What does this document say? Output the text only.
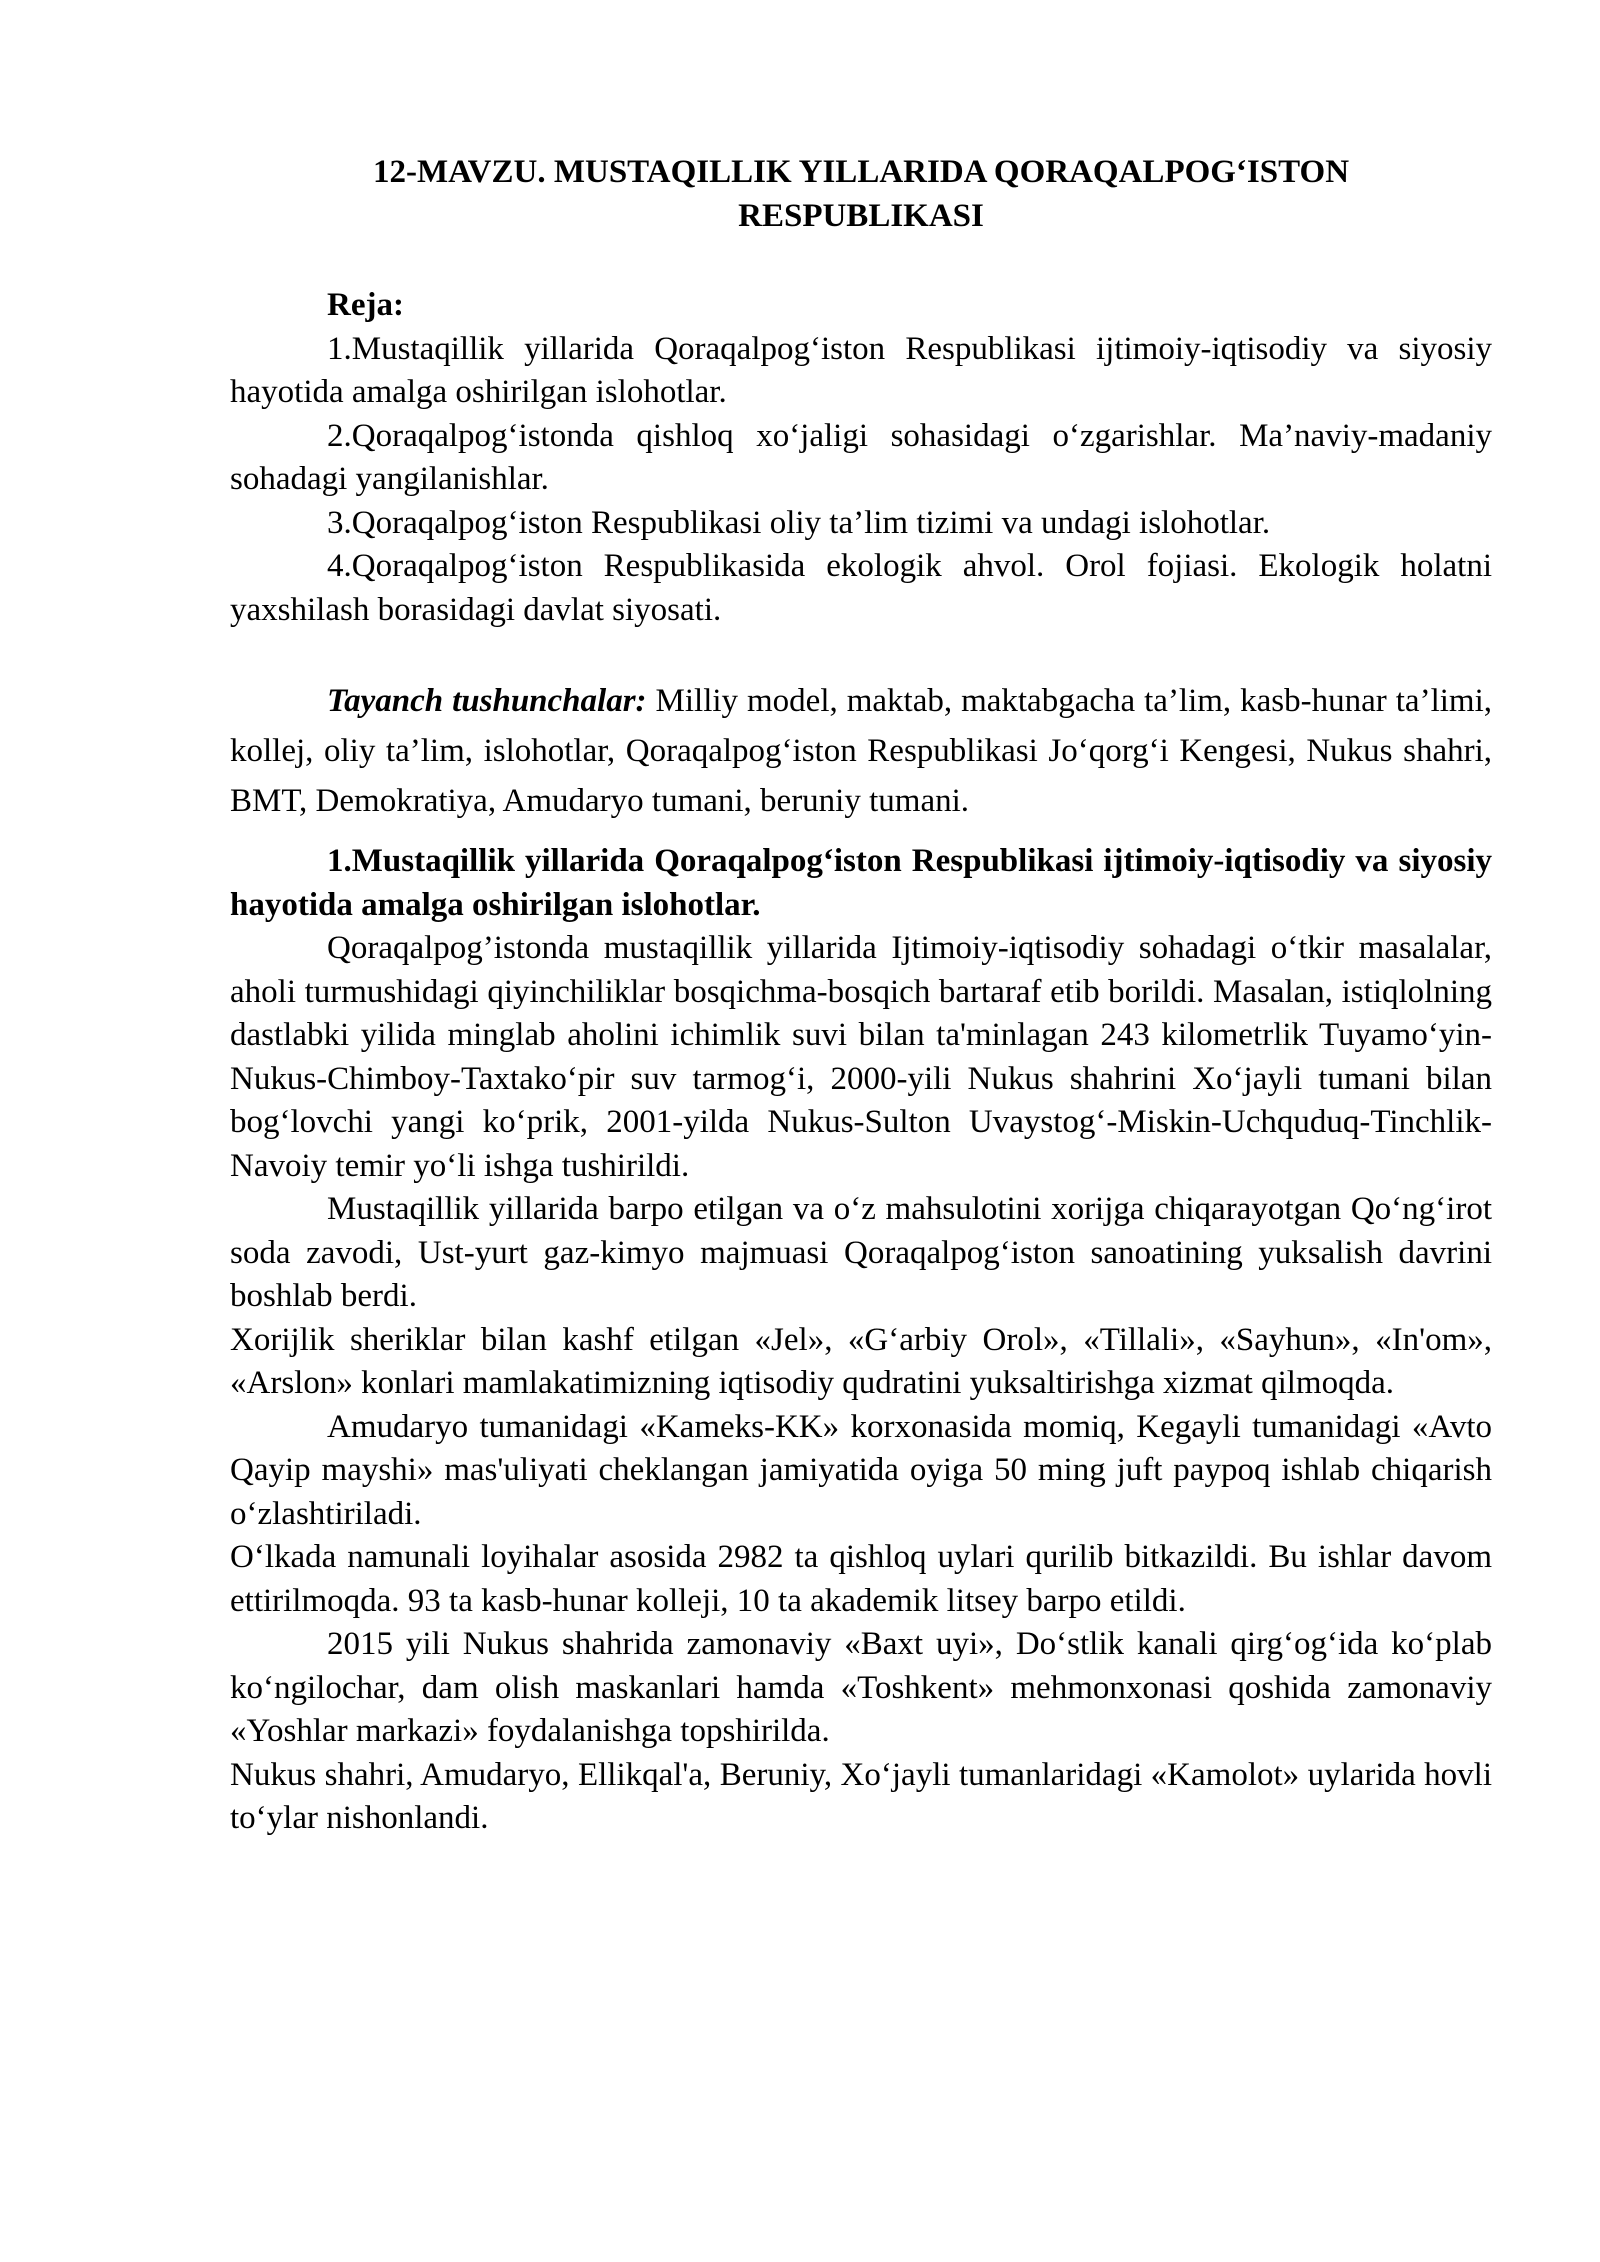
12-MAVZU. MUSTAQILLIK YILLARIDA QORAQALPOG‘ISTON
RESPUBLIKASI

Reja:

1.Mustaqillik yillarida Qoraqalpog‘iston Respublikasi ijtimoiy-iqtisodiy va siyosiy hayotida amalga oshirilgan islohotlar.

2.Qoraqalpog‘istonda qishloq xo‘jaligi sohasidagi o‘zgarishlar. Ma’naviy-madaniy sohadagi yangilanishlar.

3.Qoraqalpog‘iston Respublikasi oliy ta’lim tizimi va undagi islohotlar.

4.Qoraqalpog‘iston Respublikasida ekologik ahvol. Orol fojiasi. Ekologik holatni yaxshilash borasidagi davlat siyosati.

Tayanch tushunchalar: Milliy model, maktab, maktabgacha ta’lim, kasb-hunar ta’limi, kollej, oliy ta’lim, islohotlar, Qoraqalpog‘iston Respublikasi Jo‘qorg‘i Kengesi, Nukus shahri, BMT, Demokratiya, Amudaryo tumani, beruniy tumani.

1.Mustaqillik yillarida Qoraqalpog‘iston Respublikasi ijtimoiy-iqtisodiy va siyosiy hayotida amalga oshirilgan islohotlar.

Qoraqalpog’istonda mustaqillik yillarida Ijtimoiy-iqtisodiy sohadagi o‘tkir masalalar, aholi turmushidagi qiyinchiliklar bosqichma-bosqich bartaraf etib borildi. Masalan, istiqlolning dastlabki yilida minglab aholini ichimlik suvi bilan ta'minlagan 243 kilometrlik Tuyamo‘yin-Nukus-Chimboy-Taxtako‘pir suv tarmog‘i, 2000-yili Nukus shahrini Xo‘jayli tumani bilan bog‘lovchi yangi ko‘prik, 2001-yilda Nukus-Sulton Uvaystog‘-Miskin-Uchquduq-Tinchlik-Navoiy temir yo‘li ishga tushirildi.

Mustaqillik yillarida barpo etilgan va o‘z mahsulotini xorijga chiqarayotgan Qo‘ng‘irot soda zavodi, Ust-yurt gaz-kimyo majmuasi Qoraqalpog‘iston sanoatining yuksalish davrini boshlab berdi.

Xorijlik sheriklar bilan kashf etilgan «Jel», «G‘arbiy Orol», «Tillali», «Sayhun», «In'om», «Arslon» konlari mamlakatimizning iqtisodiy qudratini yuksaltirishga xizmat qilmoqda.

Amudaryo tumanidagi «Kameks-KK» korxonasida momiq, Kegayli tumanidagi «Avto Qayip mayshi» mas'uliyati cheklangan jamiyatida oyiga 50 ming juft paypoq ishlab chiqarish o‘zlashtiriladi.

O‘lkada namunali loyihalar asosida 2982 ta qishloq uylari qurilib bitkazildi. Bu ishlar davom ettirilmoqda. 93 ta kasb-hunar kolleji, 10 ta akademik litsey barpo etildi.

2015 yili Nukus shahrida zamonaviy «Baxt uyi», Do‘stlik kanali qirg‘og‘ida ko‘plab ko‘ngilochar, dam olish maskanlari hamda «Toshkent» mehmonxonasi qoshida zamonaviy «Yoshlar markazi» foydalanishga topshirilda.

Nukus shahri, Amudaryo, Ellikqal'a, Beruniy, Xo‘jayli tumanlaridagi «Kamolot» uylarida hovli to‘ylar nishonlandi.
